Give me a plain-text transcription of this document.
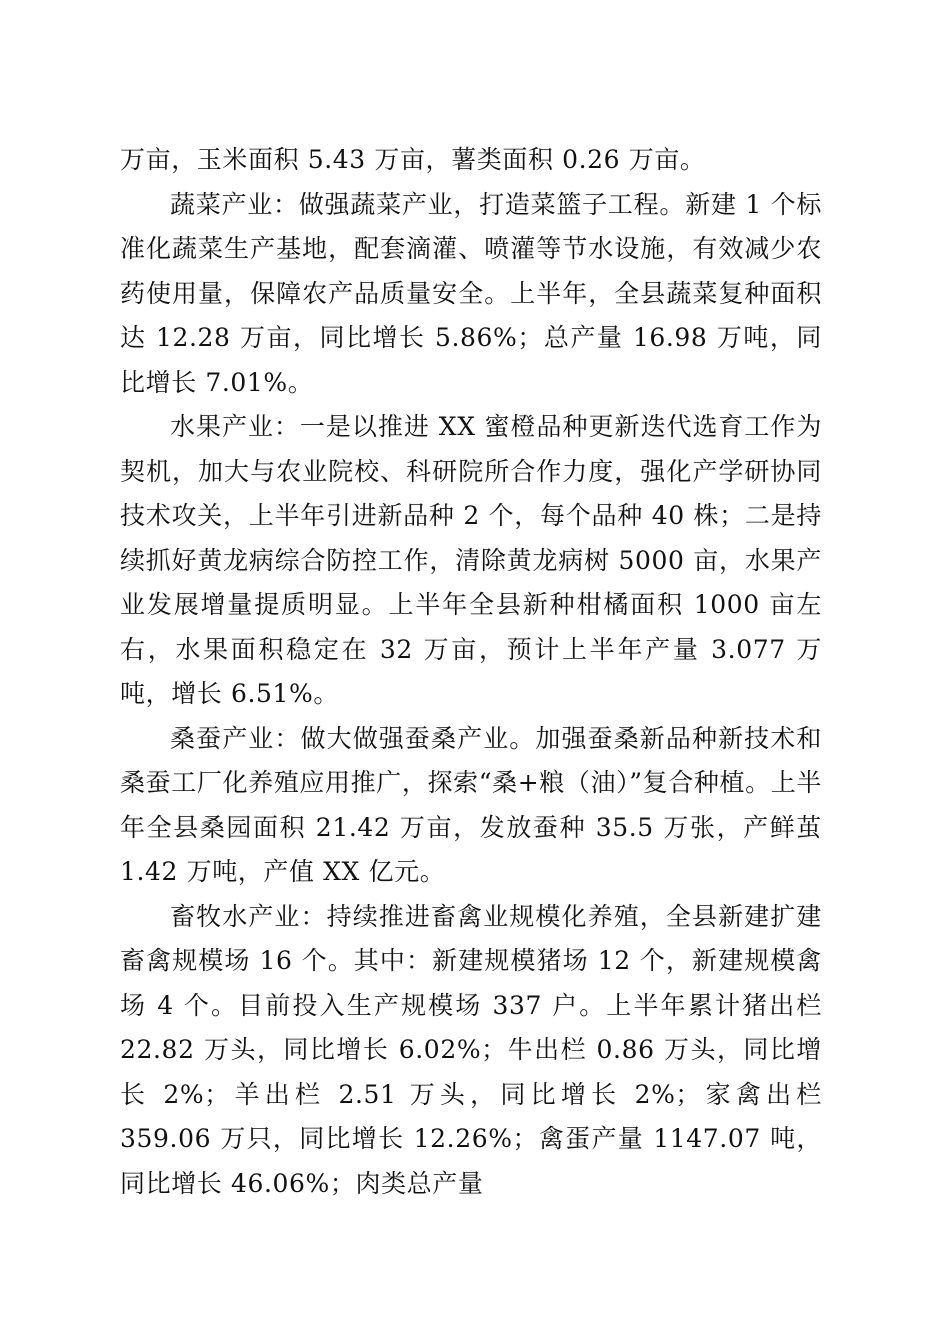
万亩，玉米面积 5.43 万亩，薯类面积 0.26 万亩。

蔬菜产业：做强蔬菜产业，打造菜篮子工程。新建 1 个标准化蔬菜生产基地，配套滴灌、喷灌等节水设施，有效减少农药使用量，保障农产品质量安全。上半年，全县蔬菜复种面积达 12.28 万亩，同比增长 5.86%；总产量 16.98 万吨，同比增长 7.01%。

水果产业：一是以推进 XX 蜜橙品种更新迭代选育工作为契机，加大与农业院校、科研院所合作力度，强化产学研协同技术攻关，上半年引进新品种 2 个，每个品种 40 株；二是持续抓好黄龙病综合防控工作，清除黄龙病树 5000 亩，水果产业发展增量提质明显。上半年全县新种柑橘面积 1000 亩左右，水果面积稳定在 32 万亩，预计上半年产量 3.077 万吨，增长 6.51%。

桑蚕产业：做大做强蚕桑产业。加强蚕桑新品种新技术和桑蚕工厂化养殖应用推广，探索“桑+粮（油）”复合种植。上半年全县桑园面积 21.42 万亩，发放蚕种 35.5 万张，产鲜茧 1.42 万吨，产值 XX 亿元。

畜牧水产业：持续推进畜禽业规模化养殖，全县新建扩建畜禽规模场 16 个。其中：新建规模猪场 12 个，新建规模禽场 4 个。目前投入生产规模场 337 户。上半年累计猪出栏 22.82 万头，同比增长 6.02%；牛出栏 0.86 万头，同比增长 2%；羊出栏 2.51 万头，同比增长 2%；家禽出栏 359.06 万只，同比增长 12.26%；禽蛋产量 1147.07 吨，同比增长 46.06%；肉类总产量
